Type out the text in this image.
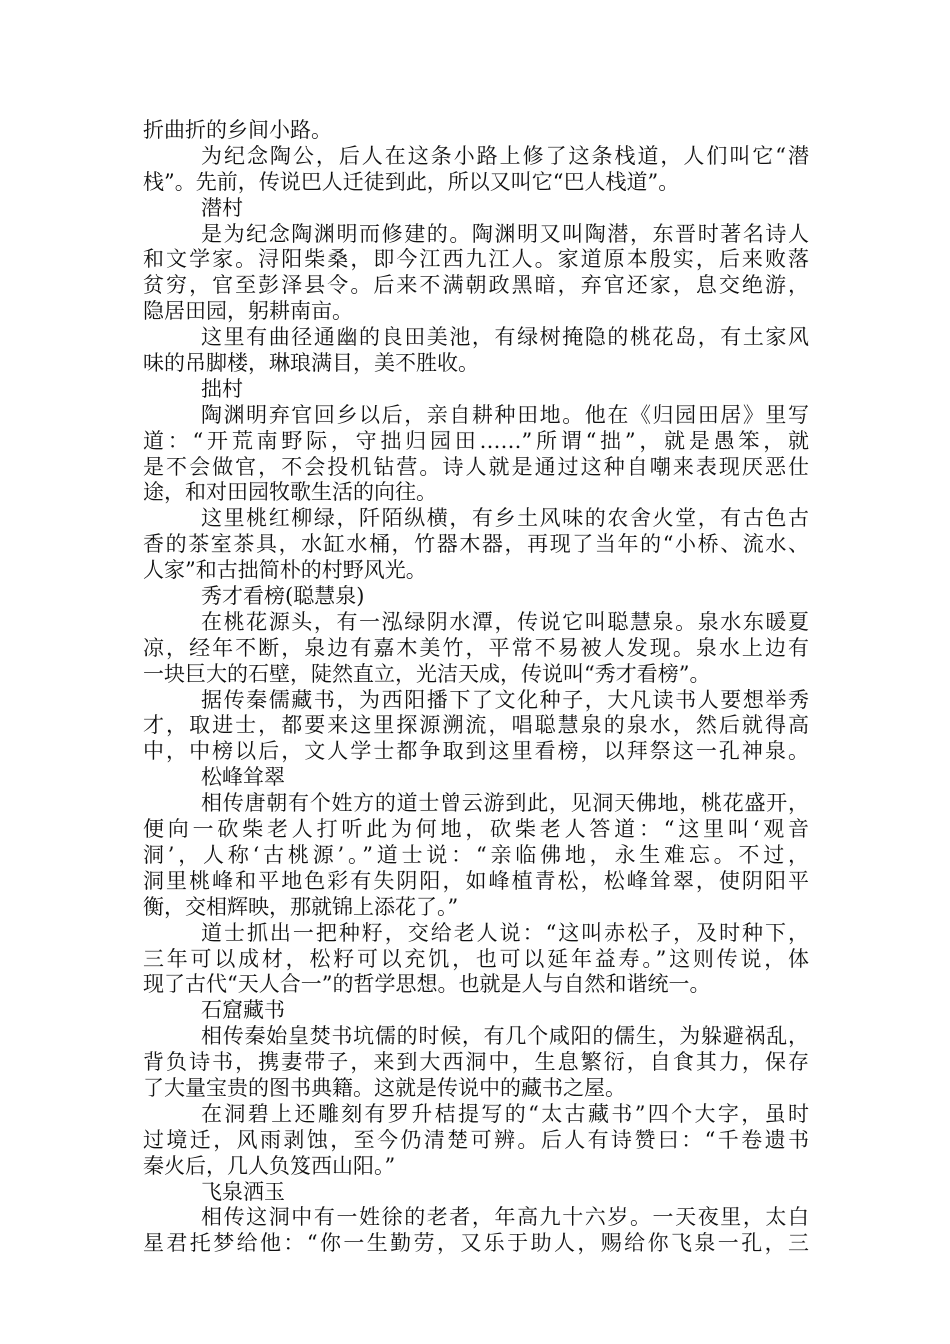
折曲折的乡间小路。
为纪念陶公，后人在这条小路上修了这条栈道，人们叫它“潜
栈”。先前，传说巴人迁徒到此，所以又叫它“巴人栈道”。
潜村
是为纪念陶渊明而修建的。陶渊明又叫陶潜，东晋时著名诗人
和文学家。浔阳柴桑，即今江西九江人。家道原本殷实，后来败落
贫穷，官至彭泽县令。后来不满朝政黑暗，弃官还家，息交绝游，
隐居田园，躬耕南亩。
这里有曲径通幽的良田美池，有绿树掩隐的桃花岛，有土家风
味的吊脚楼，琳琅满目，美不胜收。
拙村
陶渊明弃官回乡以后，亲自耕种田地。他在《归园田居》里写
道：“开荒南野际，守拙归园田……”所谓“拙”，就是愚笨，就
是不会做官，不会投机钻营。诗人就是通过这种自嘲来表现厌恶仕
途，和对田园牧歌生活的向往。
这里桃红柳绿，阡陌纵横，有乡土风味的农舍火堂，有古色古
香的茶室茶具，水缸水桶，竹器木器，再现了当年的“小桥、流水、
人家”和古拙简朴的村野风光。
秀才看榜(聪慧泉)
在桃花源头，有一泓绿阴水潭，传说它叫聪慧泉。泉水东暖夏
凉，经年不断，泉边有嘉木美竹，平常不易被人发现。泉水上边有
一块巨大的石壁，陡然直立，光洁天成，传说叫“秀才看榜”。
据传秦儒藏书，为西阳播下了文化种子，大凡读书人要想举秀
才，取进士，都要来这里探源溯流，唱聪慧泉的泉水，然后就得高
中，中榜以后，文人学士都争取到这里看榜，以拜祭这一孔神泉。
松峰耸翠
相传唐朝有个姓方的道士曾云游到此，见洞天佛地，桃花盛开，
便向一砍柴老人打听此为何地，砍柴老人答道：“这里叫‘观音
洞’，人称‘古桃源’。”道士说：“亲临佛地，永生难忘。不过，
洞里桃峰和平地色彩有失阴阳，如峰植青松，松峰耸翠，使阴阳平
衡，交相辉映，那就锦上添花了。”
道士抓出一把种籽，交给老人说：“这叫赤松子，及时种下，
三年可以成材，松籽可以充饥，也可以延年益寿。”这则传说，体
现了古代“天人合一”的哲学思想。也就是人与自然和谐统一。
石窟藏书
相传秦始皇焚书坑儒的时候，有几个咸阳的儒生，为躲避祸乱，
背负诗书，携妻带子，来到大西洞中，生息繁衍，自食其力，保存
了大量宝贵的图书典籍。这就是传说中的藏书之屋。
在洞碧上还雕刻有罗升桔提写的“太古藏书”四个大字，虽时
过境迁，风雨剥蚀，至今仍清楚可辨。后人有诗赞曰：“千卷遗书
秦火后，几人负笈西山阳。”
飞泉洒玉
相传这洞中有一姓徐的老者，年高九十六岁。一天夜里，太白
星君托梦给他：“你一生勤劳，又乐于助人，赐给你飞泉一孔，三
